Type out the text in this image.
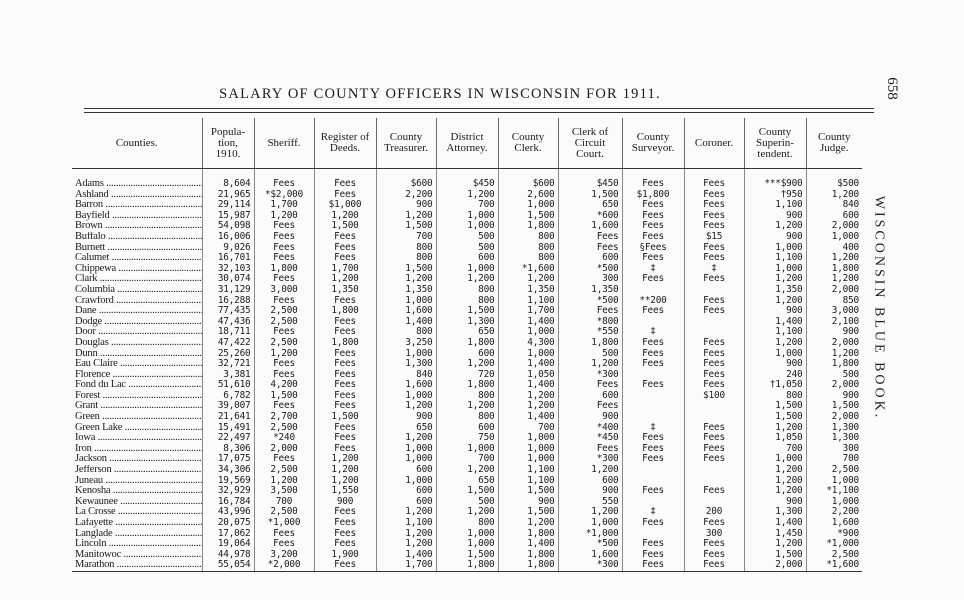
SALARY OF COUNTY OFFICERS IN WISCONSIN FOR 1911.	658
WISCONSIN BLUE BOOK.
Counties.	Popula-tion, 1910.	Sheriff.	Register of Deeds.	County Treasurer.	District Attorney.	County Clerk.	Clerk of Circuit Court.	County Surveyor.	Coroner.	County Superin-tendent.	County Judge.
Adams .....	8,604	Fees	Fees	$600	$450	$600	$450	Fees	Fees	***$900	$500
Ashland .....	21,965	*$2,000	Fees	2,200	1,200	2,600	1,500	$1,800	Fees	†950	1,200
Barron .....	29,114	1,700	$1,000	900	700	1,000	650	Fees	Fees	1,100	840
Bayfield .....	15,987	1,200	1,200	1,200	1,000	1,500	*600	Fees	Fees	900	600
Brown .....	54,098	Fees	1,500	1,500	1,000	1,800	1,600	Fees	Fees	1,200	2,000
Buffalo .....	16,006	Fees	Fees	700	500	800	Fees	Fees	$15	900	1,000
Burnett .....	9,026	Fees	Fees	800	500	800	Fees	§Fees	Fees	1,000	400
Calumet .....	16,701	Fees	Fees	800	600	800	600	Fees	Fees	1,100	1,200
Chippewa .....	32,103	1,800	1,700	1,500	1,000	*1,600	*500	‡	‡	1,000	1,800
Clark .....	30,074	Fees	1,200	1,200	1,200	1,200	300	Fees	Fees	1,200	1,200
Columbia .....	31,129	3,000	1,350	1,350	800	1,350	1,350			1,350	2,000
Crawford .....	16,288	Fees	Fees	1,000	800	1,100	*500	**200	Fees	1,200	850
Dane .....	77,435	2,500	1,800	1,600	1,500	1,700	Fees	Fees	Fees	900	3,000
Dodge .....	47,436	2,500	Fees	1,400	1,300	1,400	*800			1,400	2,100
Door .....	18,711	Fees	Fees	800	650	1,000	*550	‡		1,100	900
Douglas .....	47,422	2,500	1,800	3,250	1,800	4,300	1,800	Fees	Fees	1,200	2,000
Dunn .....	25,260	1,200	Fees	1,000	600	1,000	500	Fees	Fees	1,000	1,200
Eau Claire .....	32,721	Fees	Fees	1,300	1,200	1,400	1,200	Fees	Fees	900	1,800
Florence .....	3,381	Fees	Fees	840	720	1,050	*300		Fees	240	500
Fond du Lac .....	51,610	4,200	Fees	1,600	1,800	1,400	Fees	Fees	Fees	†1,050	2,000
Forest .....	6,782	1,500	Fees	1,000	800	1,200	600		$100	800	900
Grant .....	39,007	Fees	Fees	1,200	1,200	1,200	Fees			1,500	1,500
Green .....	21,641	2,700	1,500	900	800	1,400	900			1,500	2,000
Green Lake .....	15,491	2,500	Fees	650	600	700	*400	‡	Fees	1,200	1,300
Iowa .....	22,497	*240	Fees	1,200	750	1,000	*450	Fees	Fees	1,050	1,300
Iron .....	8,306	2,000	Fees	1,000	1,000	1,000	Fees	Fees	Fees	700	300
Jackson .....	17,075	Fees	1,200	1,000	700	1,000	*300	Fees	Fees	1,000	700
Jefferson .....	34,306	2,500	1,200	600	1,200	1,100	1,200			1,200	2,500
Juneau .....	19,569	1,200	1,200	1,000	650	1,100	600			1,200	1,000
Kenosha .....	32,929	3,500	1,550	600	1,500	1,500	900	Fees	Fees	1,200	*1,100
Kewaunee .....	16,784	700	900	600	500	900	550			900	1,000
La Crosse .....	43,996	2,500	Fees	1,200	1,200	1,500	1,200	‡	200	1,300	2,200
Lafayette .....	20,075	*1,000	Fees	1,100	800	1,200	1,000	Fees	Fees	1,400	1,600
Langlade .....	17,062	Fees	Fees	1,200	1,000	1,800	*1,000		300	1,450	*900
Lincoln .....	19,064	Fees	Fees	1,200	1,000	1,400	*500	Fees	Fees	1,200	*1,000
Manitowoc .....	44,978	3,200	1,900	1,400	1,500	1,800	1,600	Fees	Fees	1,500	2,500
Marathon .....	55,054	*2,000	Fees	1,700	1,800	1,800	*300	Fees	Fees	2,000	*1,600
